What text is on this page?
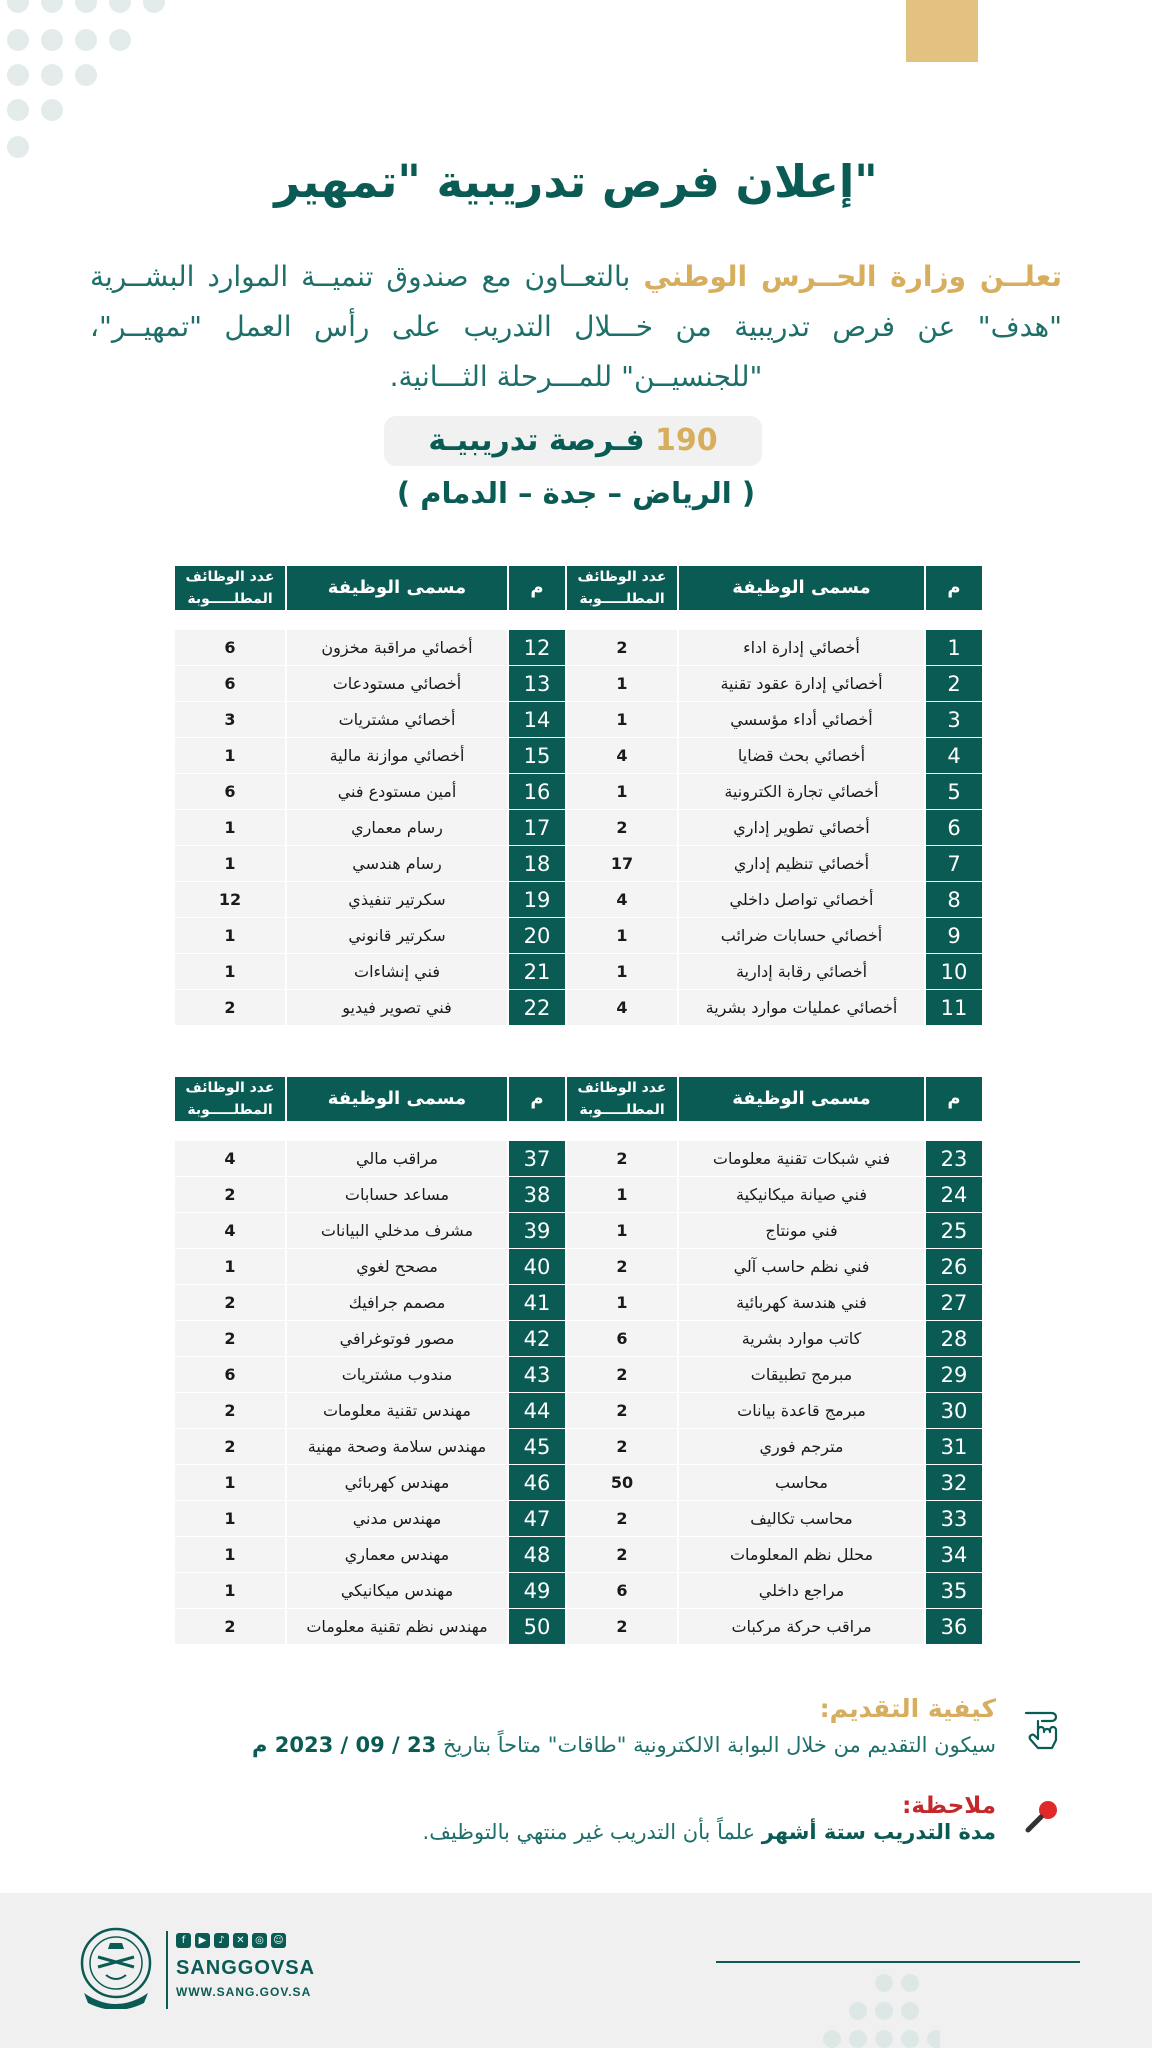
"إعلان فرص تدريبية "تمهير

تعلــن وزارة الحــرس الوطني بالتعــاون مع صندوق تنميــة الموارد البشــرية "هدف" عن فرص تدريبية من خـــلال التدريب على رأس العمل "تمهيــر"، "للجنسيــن" للمـــرحلة الثـــانية.

190 فـرصة تدريبيـة
( الرياض – جدة – الدمام )
م	مسمى الوظيفة	عدد الوظائف
المطلـــــوبة	م	مسمى الوظيفة	عدد الوظائف
المطلـــــوبة
1	أخصائي إدارة اداء	2	12	أخصائي مراقبة مخزون	6
2	أخصائي إدارة عقود تقنية	1	13	أخصائي مستودعات	6
3	أخصائي أداء مؤسسي	1	14	أخصائي مشتريات	3
4	أخصائي بحث قضايا	4	15	أخصائي موازنة مالية	1
5	أخصائي تجارة الكترونية	1	16	أمين مستودع فني	6
6	أخصائي تطوير إداري	2	17	رسام معماري	1
7	أخصائي تنظيم إداري	17	18	رسام هندسي	1
8	أخصائي تواصل داخلي	4	19	سكرتير تنفيذي	12
9	أخصائي حسابات ضرائب	1	20	سكرتير قانوني	1
10	أخصائي رقابة إدارية	1	21	فني إنشاءات	1
11	أخصائي عمليات موارد بشرية	4	22	فني تصوير فيديو	2
م	مسمى الوظيفة	عدد الوظائف
المطلـــــوبة	م	مسمى الوظيفة	عدد الوظائف
المطلـــــوبة
23	فني شبكات تقنية معلومات	2	37	مراقب مالي	4
24	فني صيانة ميكانيكية	1	38	مساعد حسابات	2
25	فني مونتاج	1	39	مشرف مدخلي البيانات	4
26	فني نظم حاسب آلي	2	40	مصحح لغوي	1
27	فني هندسة كهربائية	1	41	مصمم جرافيك	2
28	كاتب موارد بشرية	6	42	مصور فوتوغرافي	2
29	مبرمج تطبيقات	2	43	مندوب مشتريات	6
30	مبرمج قاعدة بيانات	2	44	مهندس تقنية معلومات	2
31	مترجم فوري	2	45	مهندس سلامة وصحة مهنية	2
32	محاسب	50	46	مهندس كهربائي	1
33	محاسب تكاليف	2	47	مهندس مدني	1
34	محلل نظم المعلومات	2	48	مهندس معماري	1
35	مراجع داخلي	6	49	مهندس ميكانيكي	1
36	مراقب حركة مركبات	2	50	مهندس نظم تقنية معلومات	2
كيفية التقديم:
سيكون التقديم من خلال البوابة الالكترونية "طاقات" متاحاً بتاريخ 23 / 09 / 2023 م
ملاحظة:
مدة التدريب ستة أشهر علماً بأن التدريب غير منتهي بالتوظيف.
f	▶	♪	✕	◎ ☺
SANGGOVSA
WWW.SANG.GOV.SA
